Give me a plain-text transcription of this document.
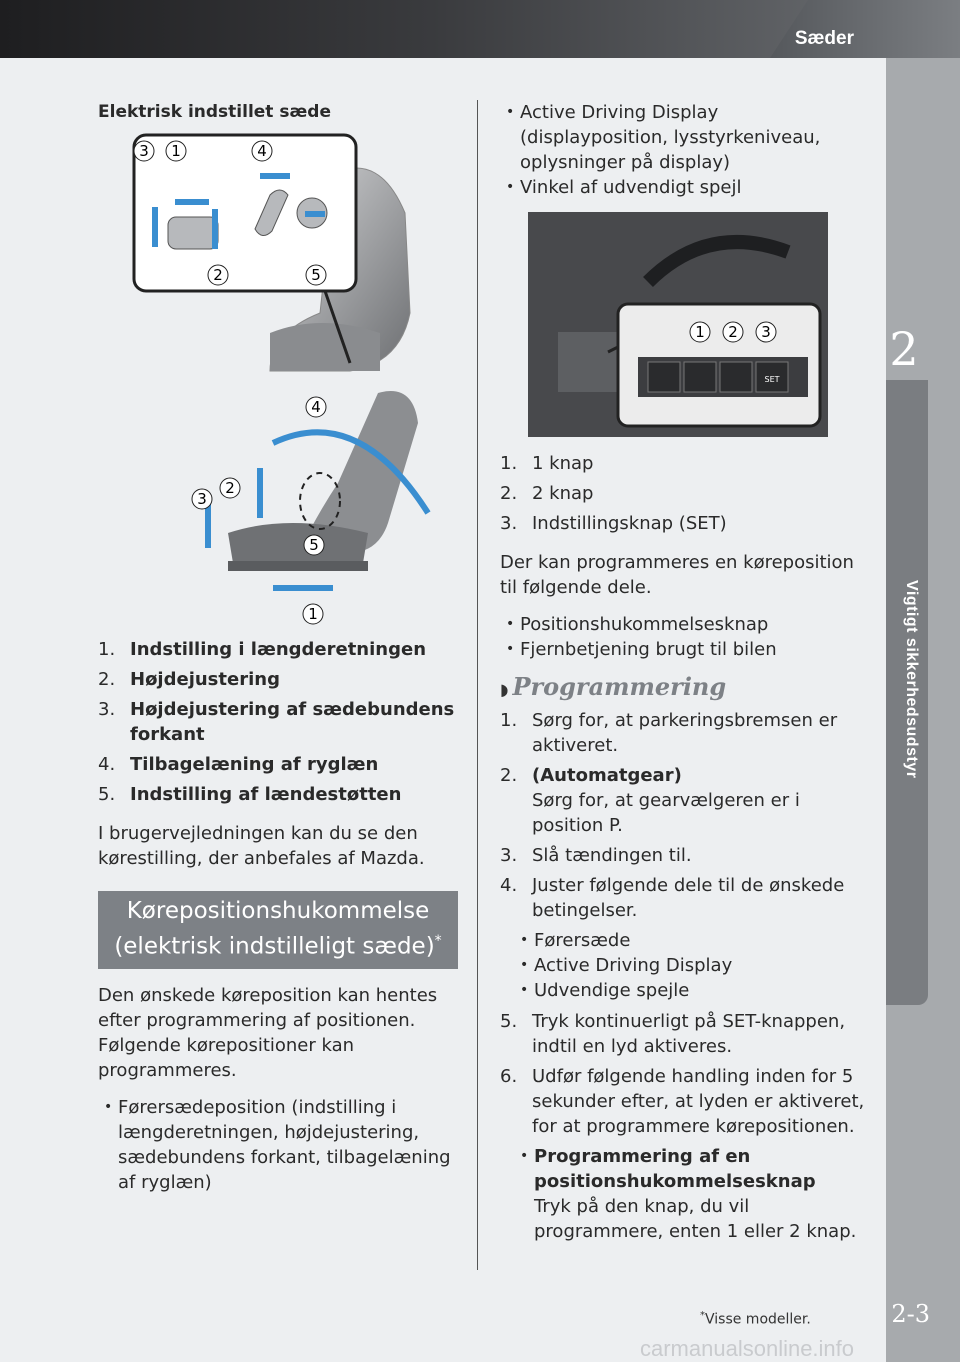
Sæder
2
Vigtigt sikkerhedsudstyr

Elektrisk indstillet sæde

3 1	4
2	5
4
2
3
5
1
1. Indstilling i længderetningen
2. Højdejustering
3. Højdejustering af sædebundens forkant
4. Tilbagelæning af ryglæn
5. Indstilling af lændestøtten

I brugervejledningen kan du se den kørestilling, der anbefales af Mazda.

Kørepositionshukommelse (elektrisk indstilleligt sæde)*

Den ønskede køreposition kan hentes efter programmering af positionen. Følgende kørepositioner kan programmeres.

• Førersædeposition (indstilling i længderetningen, højdejustering, sædebundens forkant, tilbagelæning af ryglæn)
• Active Driving Display (displayposition, lysstyrkeniveau, oplysninger på display)
• Vinkel af udvendigt spejl
SET
1 2 3
1. 1 knap
2. 2 knap
3. Indstillingsknap (SET)

Der kan programmeres en køreposition til følgende dele.

• Positionshukommelsesknap
• Fjernbetjening brugt til bilen
◗ Programmering
1. Sørg for, at parkeringsbremsen er aktiveret.
2. (Automatgear)
Sørg for, at gearvælgeren er i position P.
3. Slå tændingen til.
4. Juster følgende dele til de ønskede betingelser.
• Førersæde
• Active Driving Display
• Udvendige spejle
5. Tryk kontinuerligt på SET-knappen, indtil en lyd aktiveres.
6. Udfør følgende handling inden for 5 sekunder efter, at lyden er aktiveret, for at programmere kørepositionen.
• Programmering af en positionshukommelsesknap
Tryk på den knap, du vil programmere, enten 1 eller 2 knap.
*Visse modeller.	2-3
carmanualsonline.info
